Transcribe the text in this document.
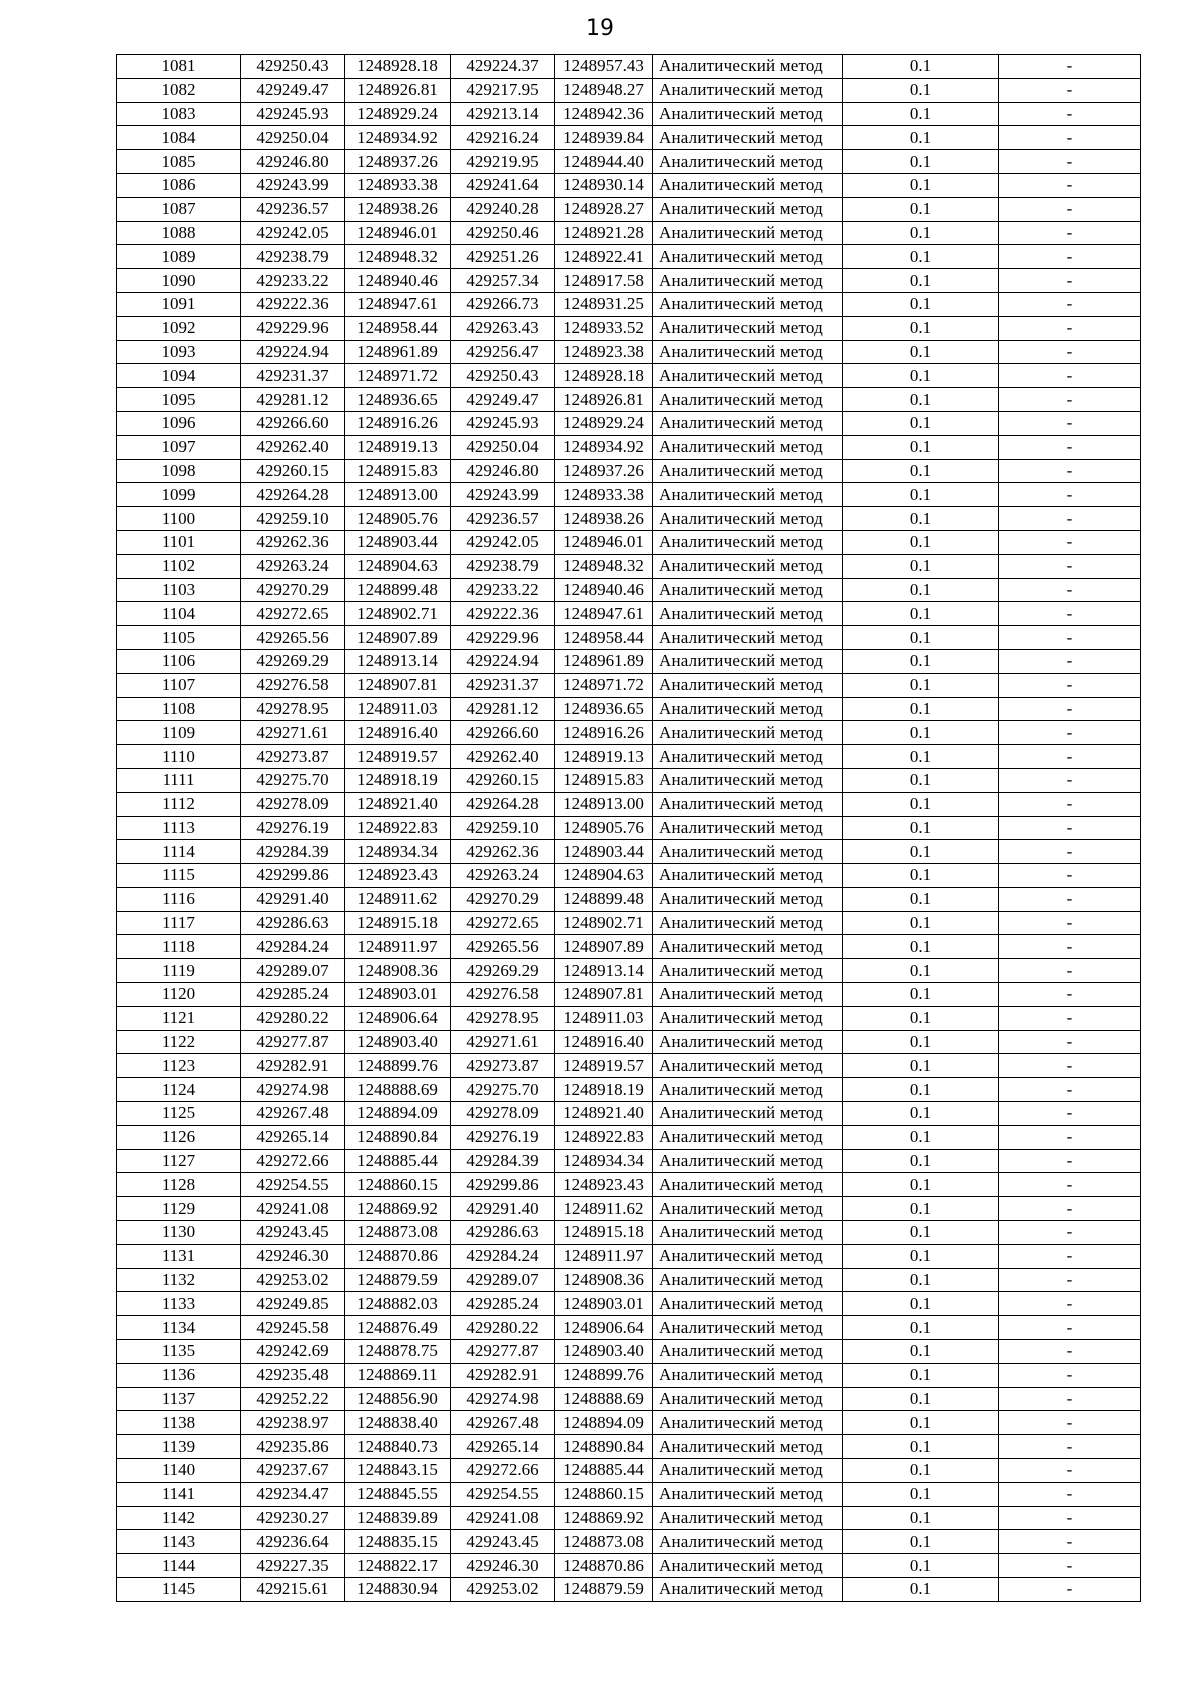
19
1081	429250.43	1248928.18	429224.37	1248957.43	Аналитический метод	0.1	-
1082	429249.47	1248926.81	429217.95	1248948.27	Аналитический метод	0.1	-
1083	429245.93	1248929.24	429213.14	1248942.36	Аналитический метод	0.1	-
1084	429250.04	1248934.92	429216.24	1248939.84	Аналитический метод	0.1	-
1085	429246.80	1248937.26	429219.95	1248944.40	Аналитический метод	0.1	-
1086	429243.99	1248933.38	429241.64	1248930.14	Аналитический метод	0.1	-
1087	429236.57	1248938.26	429240.28	1248928.27	Аналитический метод	0.1	-
1088	429242.05	1248946.01	429250.46	1248921.28	Аналитический метод	0.1	-
1089	429238.79	1248948.32	429251.26	1248922.41	Аналитический метод	0.1	-
1090	429233.22	1248940.46	429257.34	1248917.58	Аналитический метод	0.1	-
1091	429222.36	1248947.61	429266.73	1248931.25	Аналитический метод	0.1	-
1092	429229.96	1248958.44	429263.43	1248933.52	Аналитический метод	0.1	-
1093	429224.94	1248961.89	429256.47	1248923.38	Аналитический метод	0.1	-
1094	429231.37	1248971.72	429250.43	1248928.18	Аналитический метод	0.1	-
1095	429281.12	1248936.65	429249.47	1248926.81	Аналитический метод	0.1	-
1096	429266.60	1248916.26	429245.93	1248929.24	Аналитический метод	0.1	-
1097	429262.40	1248919.13	429250.04	1248934.92	Аналитический метод	0.1	-
1098	429260.15	1248915.83	429246.80	1248937.26	Аналитический метод	0.1	-
1099	429264.28	1248913.00	429243.99	1248933.38	Аналитический метод	0.1	-
1100	429259.10	1248905.76	429236.57	1248938.26	Аналитический метод	0.1	-
1101	429262.36	1248903.44	429242.05	1248946.01	Аналитический метод	0.1	-
1102	429263.24	1248904.63	429238.79	1248948.32	Аналитический метод	0.1	-
1103	429270.29	1248899.48	429233.22	1248940.46	Аналитический метод	0.1	-
1104	429272.65	1248902.71	429222.36	1248947.61	Аналитический метод	0.1	-
1105	429265.56	1248907.89	429229.96	1248958.44	Аналитический метод	0.1	-
1106	429269.29	1248913.14	429224.94	1248961.89	Аналитический метод	0.1	-
1107	429276.58	1248907.81	429231.37	1248971.72	Аналитический метод	0.1	-
1108	429278.95	1248911.03	429281.12	1248936.65	Аналитический метод	0.1	-
1109	429271.61	1248916.40	429266.60	1248916.26	Аналитический метод	0.1	-
1110	429273.87	1248919.57	429262.40	1248919.13	Аналитический метод	0.1	-
1111	429275.70	1248918.19	429260.15	1248915.83	Аналитический метод	0.1	-
1112	429278.09	1248921.40	429264.28	1248913.00	Аналитический метод	0.1	-
1113	429276.19	1248922.83	429259.10	1248905.76	Аналитический метод	0.1	-
1114	429284.39	1248934.34	429262.36	1248903.44	Аналитический метод	0.1	-
1115	429299.86	1248923.43	429263.24	1248904.63	Аналитический метод	0.1	-
1116	429291.40	1248911.62	429270.29	1248899.48	Аналитический метод	0.1	-
1117	429286.63	1248915.18	429272.65	1248902.71	Аналитический метод	0.1	-
1118	429284.24	1248911.97	429265.56	1248907.89	Аналитический метод	0.1	-
1119	429289.07	1248908.36	429269.29	1248913.14	Аналитический метод	0.1	-
1120	429285.24	1248903.01	429276.58	1248907.81	Аналитический метод	0.1	-
1121	429280.22	1248906.64	429278.95	1248911.03	Аналитический метод	0.1	-
1122	429277.87	1248903.40	429271.61	1248916.40	Аналитический метод	0.1	-
1123	429282.91	1248899.76	429273.87	1248919.57	Аналитический метод	0.1	-
1124	429274.98	1248888.69	429275.70	1248918.19	Аналитический метод	0.1	-
1125	429267.48	1248894.09	429278.09	1248921.40	Аналитический метод	0.1	-
1126	429265.14	1248890.84	429276.19	1248922.83	Аналитический метод	0.1	-
1127	429272.66	1248885.44	429284.39	1248934.34	Аналитический метод	0.1	-
1128	429254.55	1248860.15	429299.86	1248923.43	Аналитический метод	0.1	-
1129	429241.08	1248869.92	429291.40	1248911.62	Аналитический метод	0.1	-
1130	429243.45	1248873.08	429286.63	1248915.18	Аналитический метод	0.1	-
1131	429246.30	1248870.86	429284.24	1248911.97	Аналитический метод	0.1	-
1132	429253.02	1248879.59	429289.07	1248908.36	Аналитический метод	0.1	-
1133	429249.85	1248882.03	429285.24	1248903.01	Аналитический метод	0.1	-
1134	429245.58	1248876.49	429280.22	1248906.64	Аналитический метод	0.1	-
1135	429242.69	1248878.75	429277.87	1248903.40	Аналитический метод	0.1	-
1136	429235.48	1248869.11	429282.91	1248899.76	Аналитический метод	0.1	-
1137	429252.22	1248856.90	429274.98	1248888.69	Аналитический метод	0.1	-
1138	429238.97	1248838.40	429267.48	1248894.09	Аналитический метод	0.1	-
1139	429235.86	1248840.73	429265.14	1248890.84	Аналитический метод	0.1	-
1140	429237.67	1248843.15	429272.66	1248885.44	Аналитический метод	0.1	-
1141	429234.47	1248845.55	429254.55	1248860.15	Аналитический метод	0.1	-
1142	429230.27	1248839.89	429241.08	1248869.92	Аналитический метод	0.1	-
1143	429236.64	1248835.15	429243.45	1248873.08	Аналитический метод	0.1	-
1144	429227.35	1248822.17	429246.30	1248870.86	Аналитический метод	0.1	-
1145	429215.61	1248830.94	429253.02	1248879.59	Аналитический метод	0.1	-
